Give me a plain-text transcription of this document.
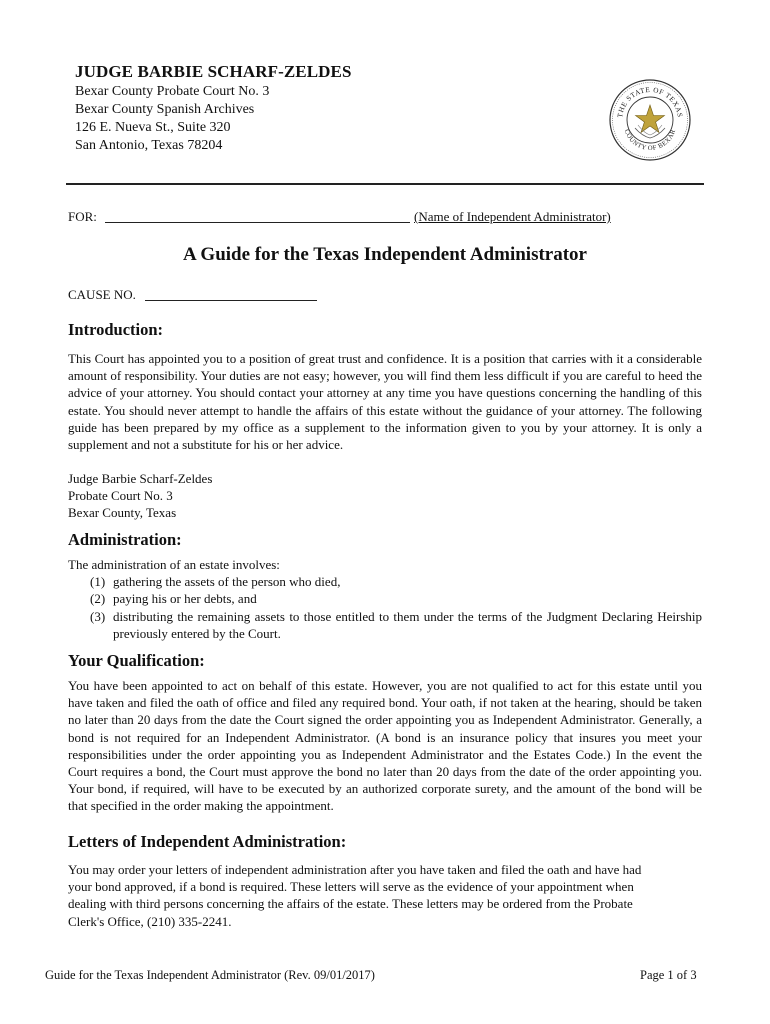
JUDGE BARBIE SCHARF-ZELDES
Bexar County Probate Court No. 3
Bexar County Spanish Archives
126 E. Nueva St., Suite 320
San Antonio, Texas 78204
THE STATE OF TEXAS
COUNTY OF BEXAR
FOR:	(Name of Independent Administrator)
A Guide for the Texas Independent Administrator
CAUSE NO.
Introduction:
This Court has appointed you to a position of great trust and confidence. It is a position that carries with it a considerable amount of responsibility. Your duties are not easy; however, you will find them less difficult if you are careful to heed the advice of your attorney. You should contact your attorney at any time you have questions concerning the handling of this estate. You should never attempt to handle the affairs of this estate without the guidance of your attorney. The following guide has been prepared by my office as a supplement to the information given to you by your attorney. It is only a supplement and not a substitute for his or her advice.
Judge Barbie Scharf-Zeldes
Probate Court No. 3
Bexar County, Texas
Administration:
The administration of an estate involves:
(1) gathering the assets of the person who died,
(2) paying his or her debts, and
(3) distributing the remaining assets to those entitled to them under the terms of the Judgment Declaring Heirship previously entered by the Court.
Your Qualification:
You have been appointed to act on behalf of this estate. However, you are not qualified to act for this estate until you have taken and filed the oath of office and filed any required bond. Your oath, if not taken at the hearing, should be taken no later than 20 days from the date the Court signed the order appointing you as Independent Administrator. Generally, a bond is not required for an Independent Administrator. (A bond is an insurance policy that insures you meet your responsibilities under the order appointing you as Independent Administrator and the Estates Code.) In the event the Court requires a bond, the Court must approve the bond no later than 20 days from the date of the order appointing you. Your bond, if required, will have to be executed by an authorized corporate surety, and the amount of the bond will be that specified in the order making the appointment.
Letters of Independent Administration:
You may order your letters of independent administration after you have taken and filed the oath and have had
your bond approved, if a bond is required. These letters will serve as the evidence of your appointment when
dealing with third persons concerning the affairs of the estate. These letters may be ordered from the Probate
Clerk's Office, (210) 335-2241.
Guide for the Texas Independent Administrator (Rev. 09/01/2017)	Page 1 of 3
